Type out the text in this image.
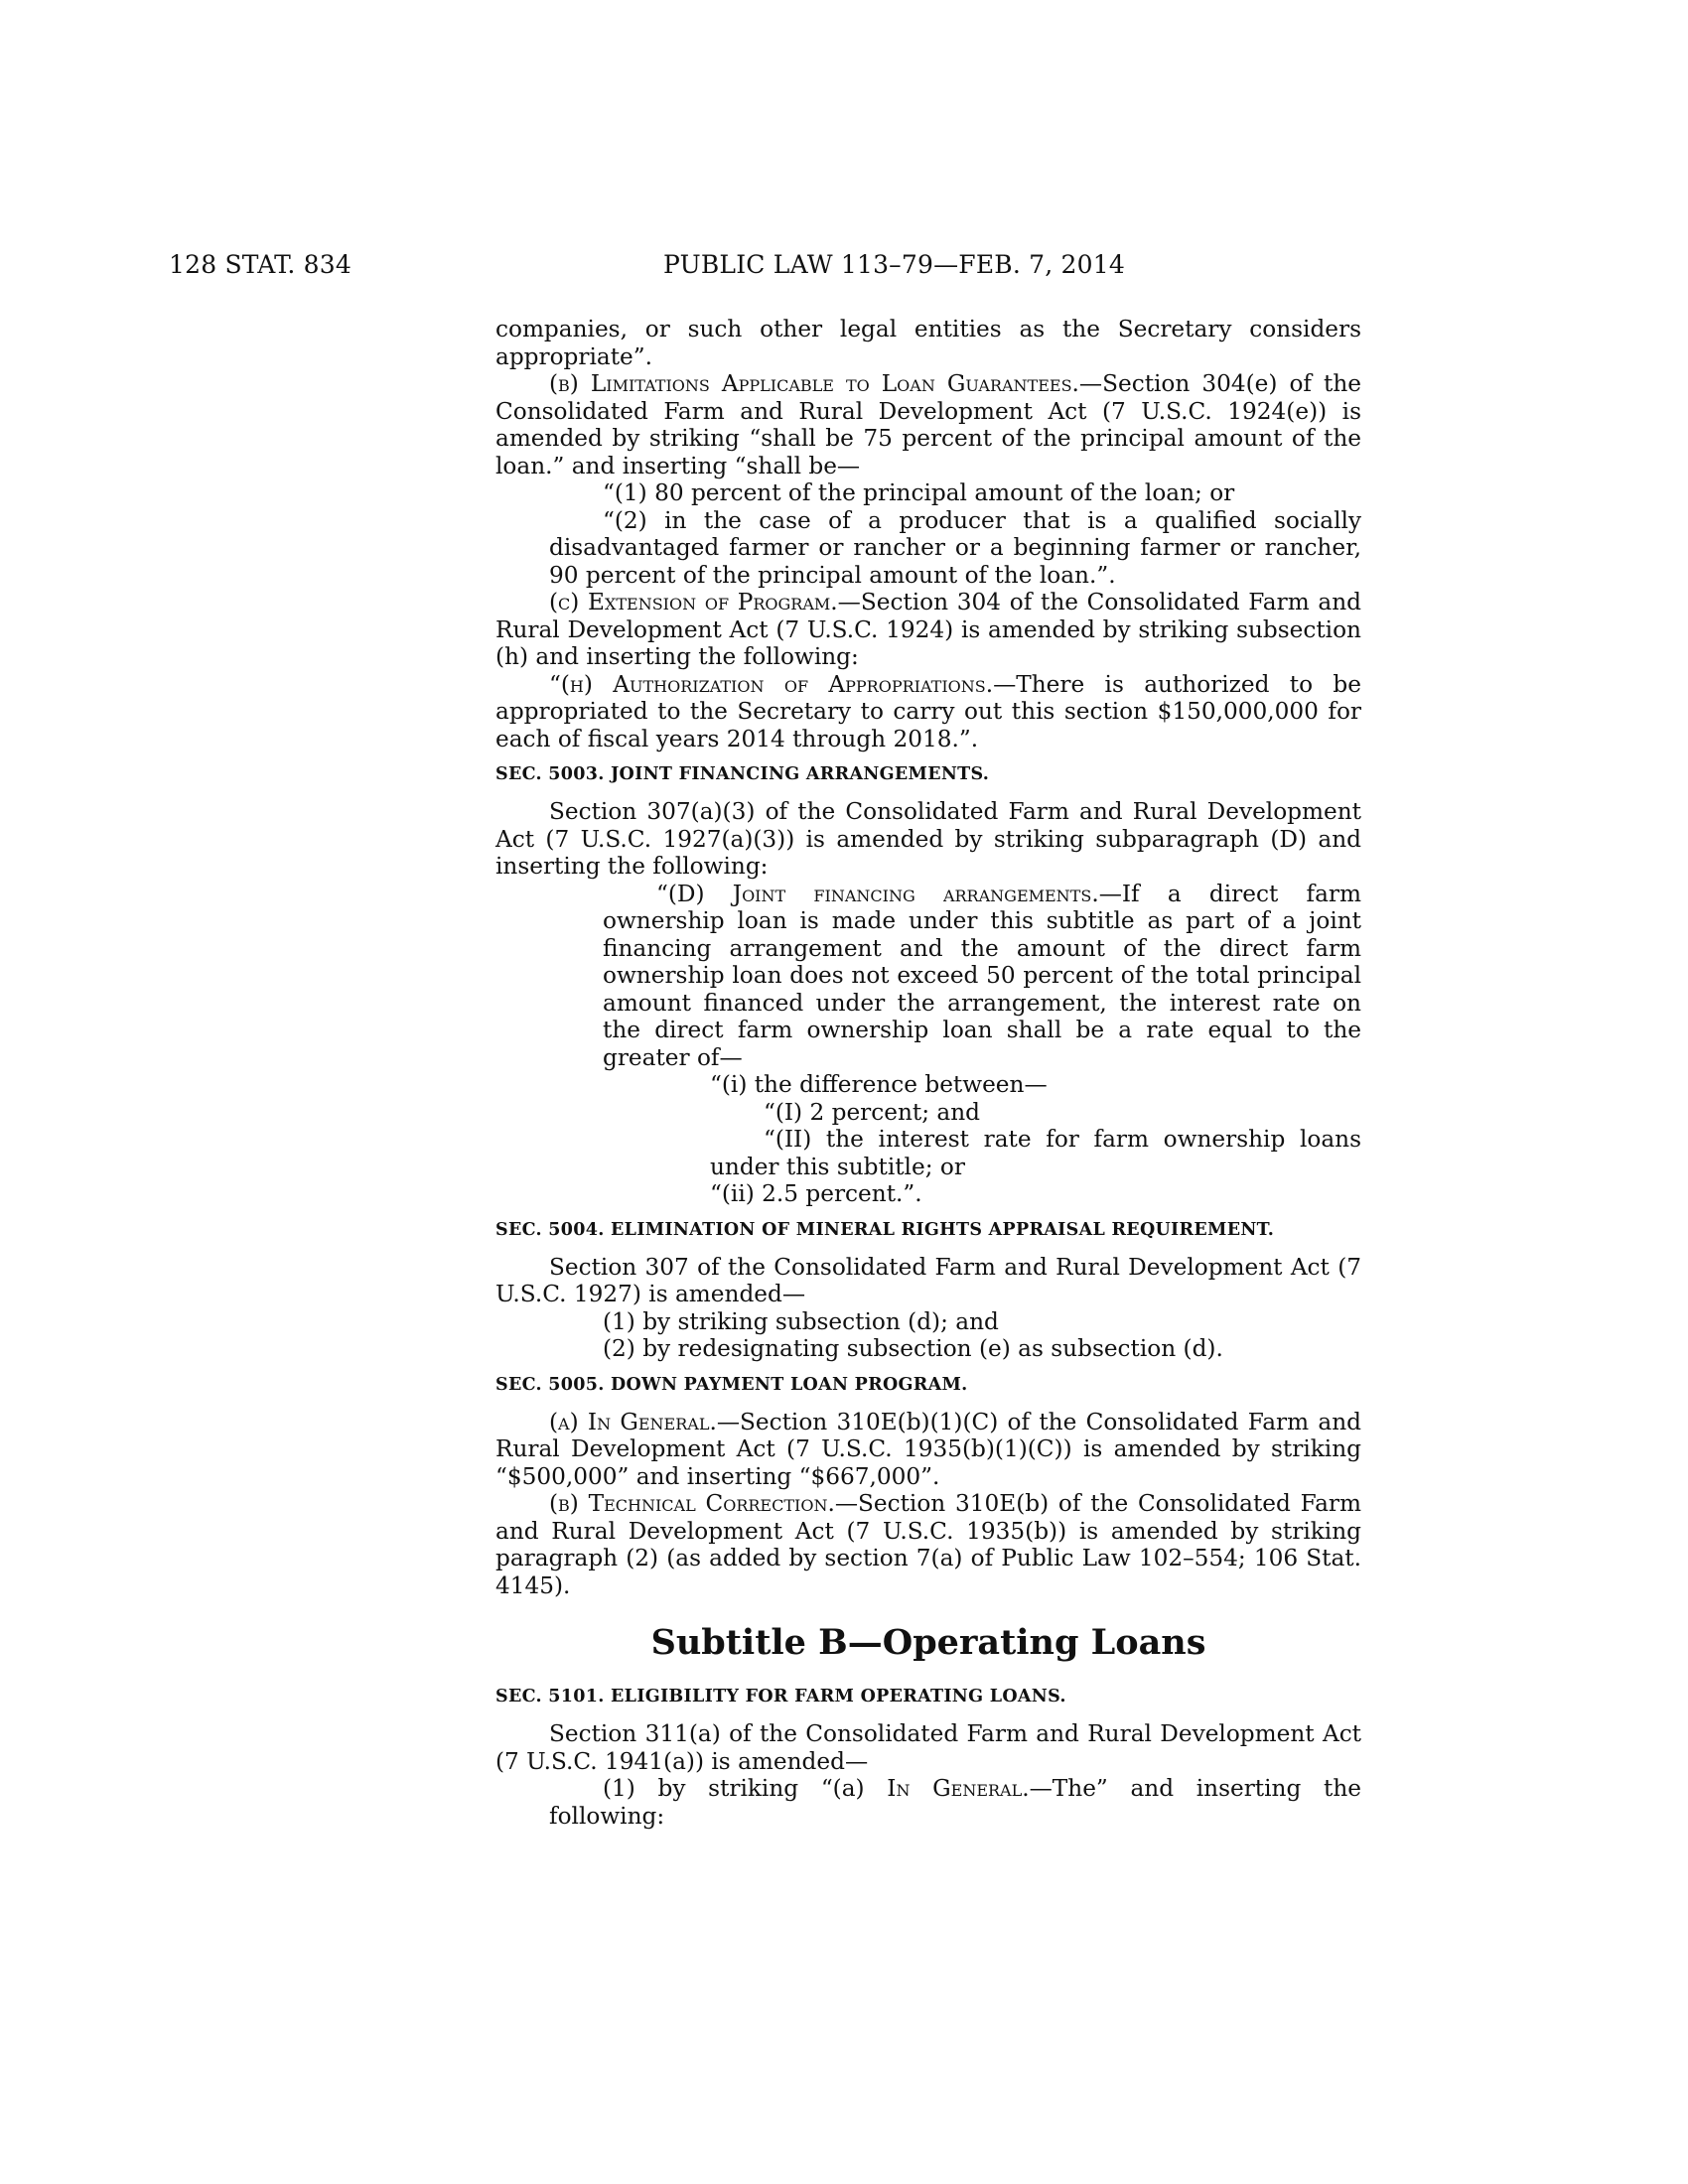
128 STAT. 834	PUBLIC LAW 113–79—FEB. 7, 2014

companies, or such other legal entities as the Secretary considers appropriate”.

(b) Limitations Applicable to Loan Guarantees.—Section 304(e) of the Consolidated Farm and Rural Development Act (7 U.S.C. 1924(e)) is amended by striking “shall be 75 percent of the principal amount of the loan.” and inserting “shall be—

“(1) 80 percent of the principal amount of the loan; or

“(2) in the case of a producer that is a qualified socially disadvantaged farmer or rancher or a beginning farmer or rancher, 90 percent of the principal amount of the loan.”.

(c) Extension of Program.—Section 304 of the Consolidated Farm and Rural Development Act (7 U.S.C. 1924) is amended by striking subsection (h) and inserting the following:

“(h) Authorization of Appropriations.—There is authorized to be appropriated to the Secretary to carry out this section $150,000,000 for each of fiscal years 2014 through 2018.”.

SEC. 5003. JOINT FINANCING ARRANGEMENTS.

Section 307(a)(3) of the Consolidated Farm and Rural Development Act (7 U.S.C. 1927(a)(3)) is amended by striking subparagraph (D) and inserting the following:

“(D) Joint financing arrangements.—If a direct farm ownership loan is made under this subtitle as part of a joint financing arrangement and the amount of the direct farm ownership loan does not exceed 50 percent of the total principal amount financed under the arrangement, the interest rate on the direct farm ownership loan shall be a rate equal to the greater of—

“(i) the difference between—

“(I) 2 percent; and

“(II) the interest rate for farm ownership loans under this subtitle; or

“(ii) 2.5 percent.”.

SEC. 5004. ELIMINATION OF MINERAL RIGHTS APPRAISAL REQUIREMENT.

Section 307 of the Consolidated Farm and Rural Development Act (7 U.S.C. 1927) is amended—

(1) by striking subsection (d); and

(2) by redesignating subsection (e) as subsection (d).

SEC. 5005. DOWN PAYMENT LOAN PROGRAM.

(a) In General.—Section 310E(b)(1)(C) of the Consolidated Farm and Rural Development Act (7 U.S.C. 1935(b)(1)(C)) is amended by striking “$500,000” and inserting “$667,000”.

(b) Technical Correction.—Section 310E(b) of the Consolidated Farm and Rural Development Act (7 U.S.C. 1935(b)) is amended by striking paragraph (2) (as added by section 7(a) of Public Law 102–554; 106 Stat. 4145).

Subtitle B—Operating Loans

SEC. 5101. ELIGIBILITY FOR FARM OPERATING LOANS.

Section 311(a) of the Consolidated Farm and Rural Development Act (7 U.S.C. 1941(a)) is amended—

(1) by striking “(a) In General.—The” and inserting the following:
